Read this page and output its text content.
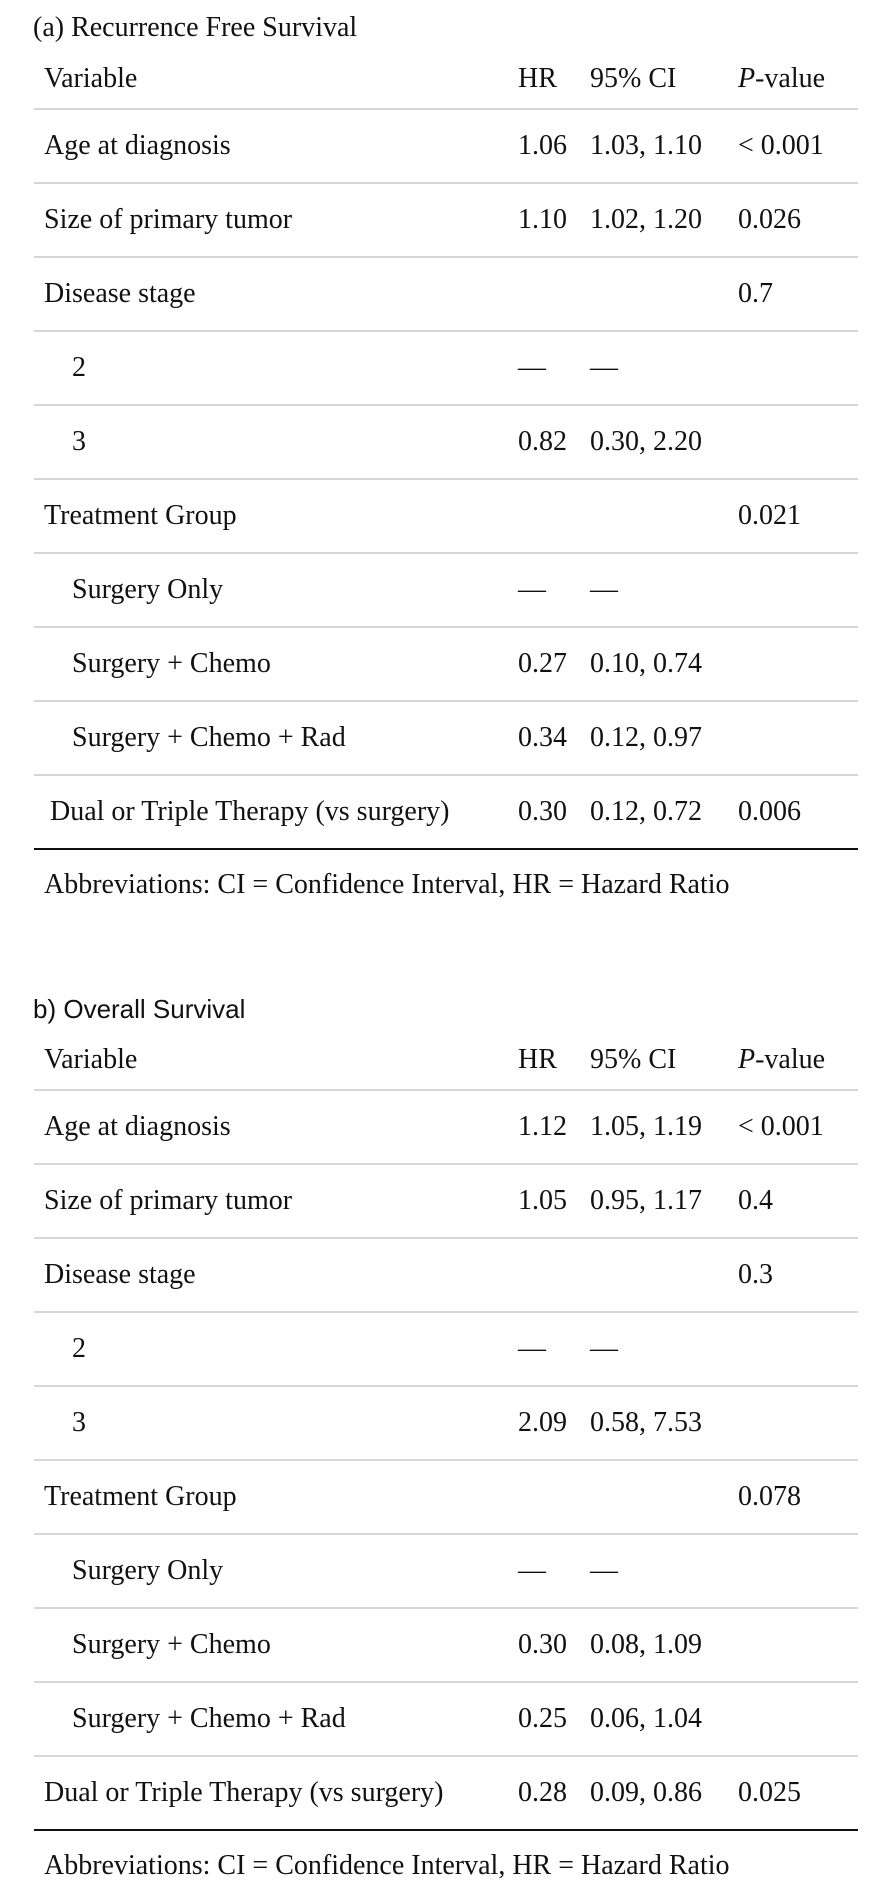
(a) Recurrence Free Survival
Variable	HR	95% CI	P-value
Age at diagnosis	1.06	1.03, 1.10	< 0.001
Size of primary tumor	1.10	1.02, 1.20	0.026
Disease stage			0.7
2	—	—	
3	0.82	0.30, 2.20	
Treatment Group			0.021
Surgery Only	—	—	
Surgery + Chemo	0.27	0.10, 0.74	
Surgery + Chemo + Rad	0.34	0.12, 0.97	
Dual or Triple Therapy (vs surgery)	0.30	0.12, 0.72	0.006
Abbreviations: CI = Confidence Interval, HR = Hazard Ratio			
b) Overall Survival
Variable	HR	95% CI	P-value
Age at diagnosis	1.12	1.05, 1.19	< 0.001
Size of primary tumor	1.05	0.95, 1.17	0.4
Disease stage			0.3
2	—	—	
3	2.09	0.58, 7.53	
Treatment Group			0.078
Surgery Only	—	—	
Surgery + Chemo	0.30	0.08, 1.09	
Surgery + Chemo + Rad	0.25	0.06, 1.04	
Dual or Triple Therapy (vs surgery)	0.28	0.09, 0.86	0.025
Abbreviations: CI = Confidence Interval, HR = Hazard Ratio			
